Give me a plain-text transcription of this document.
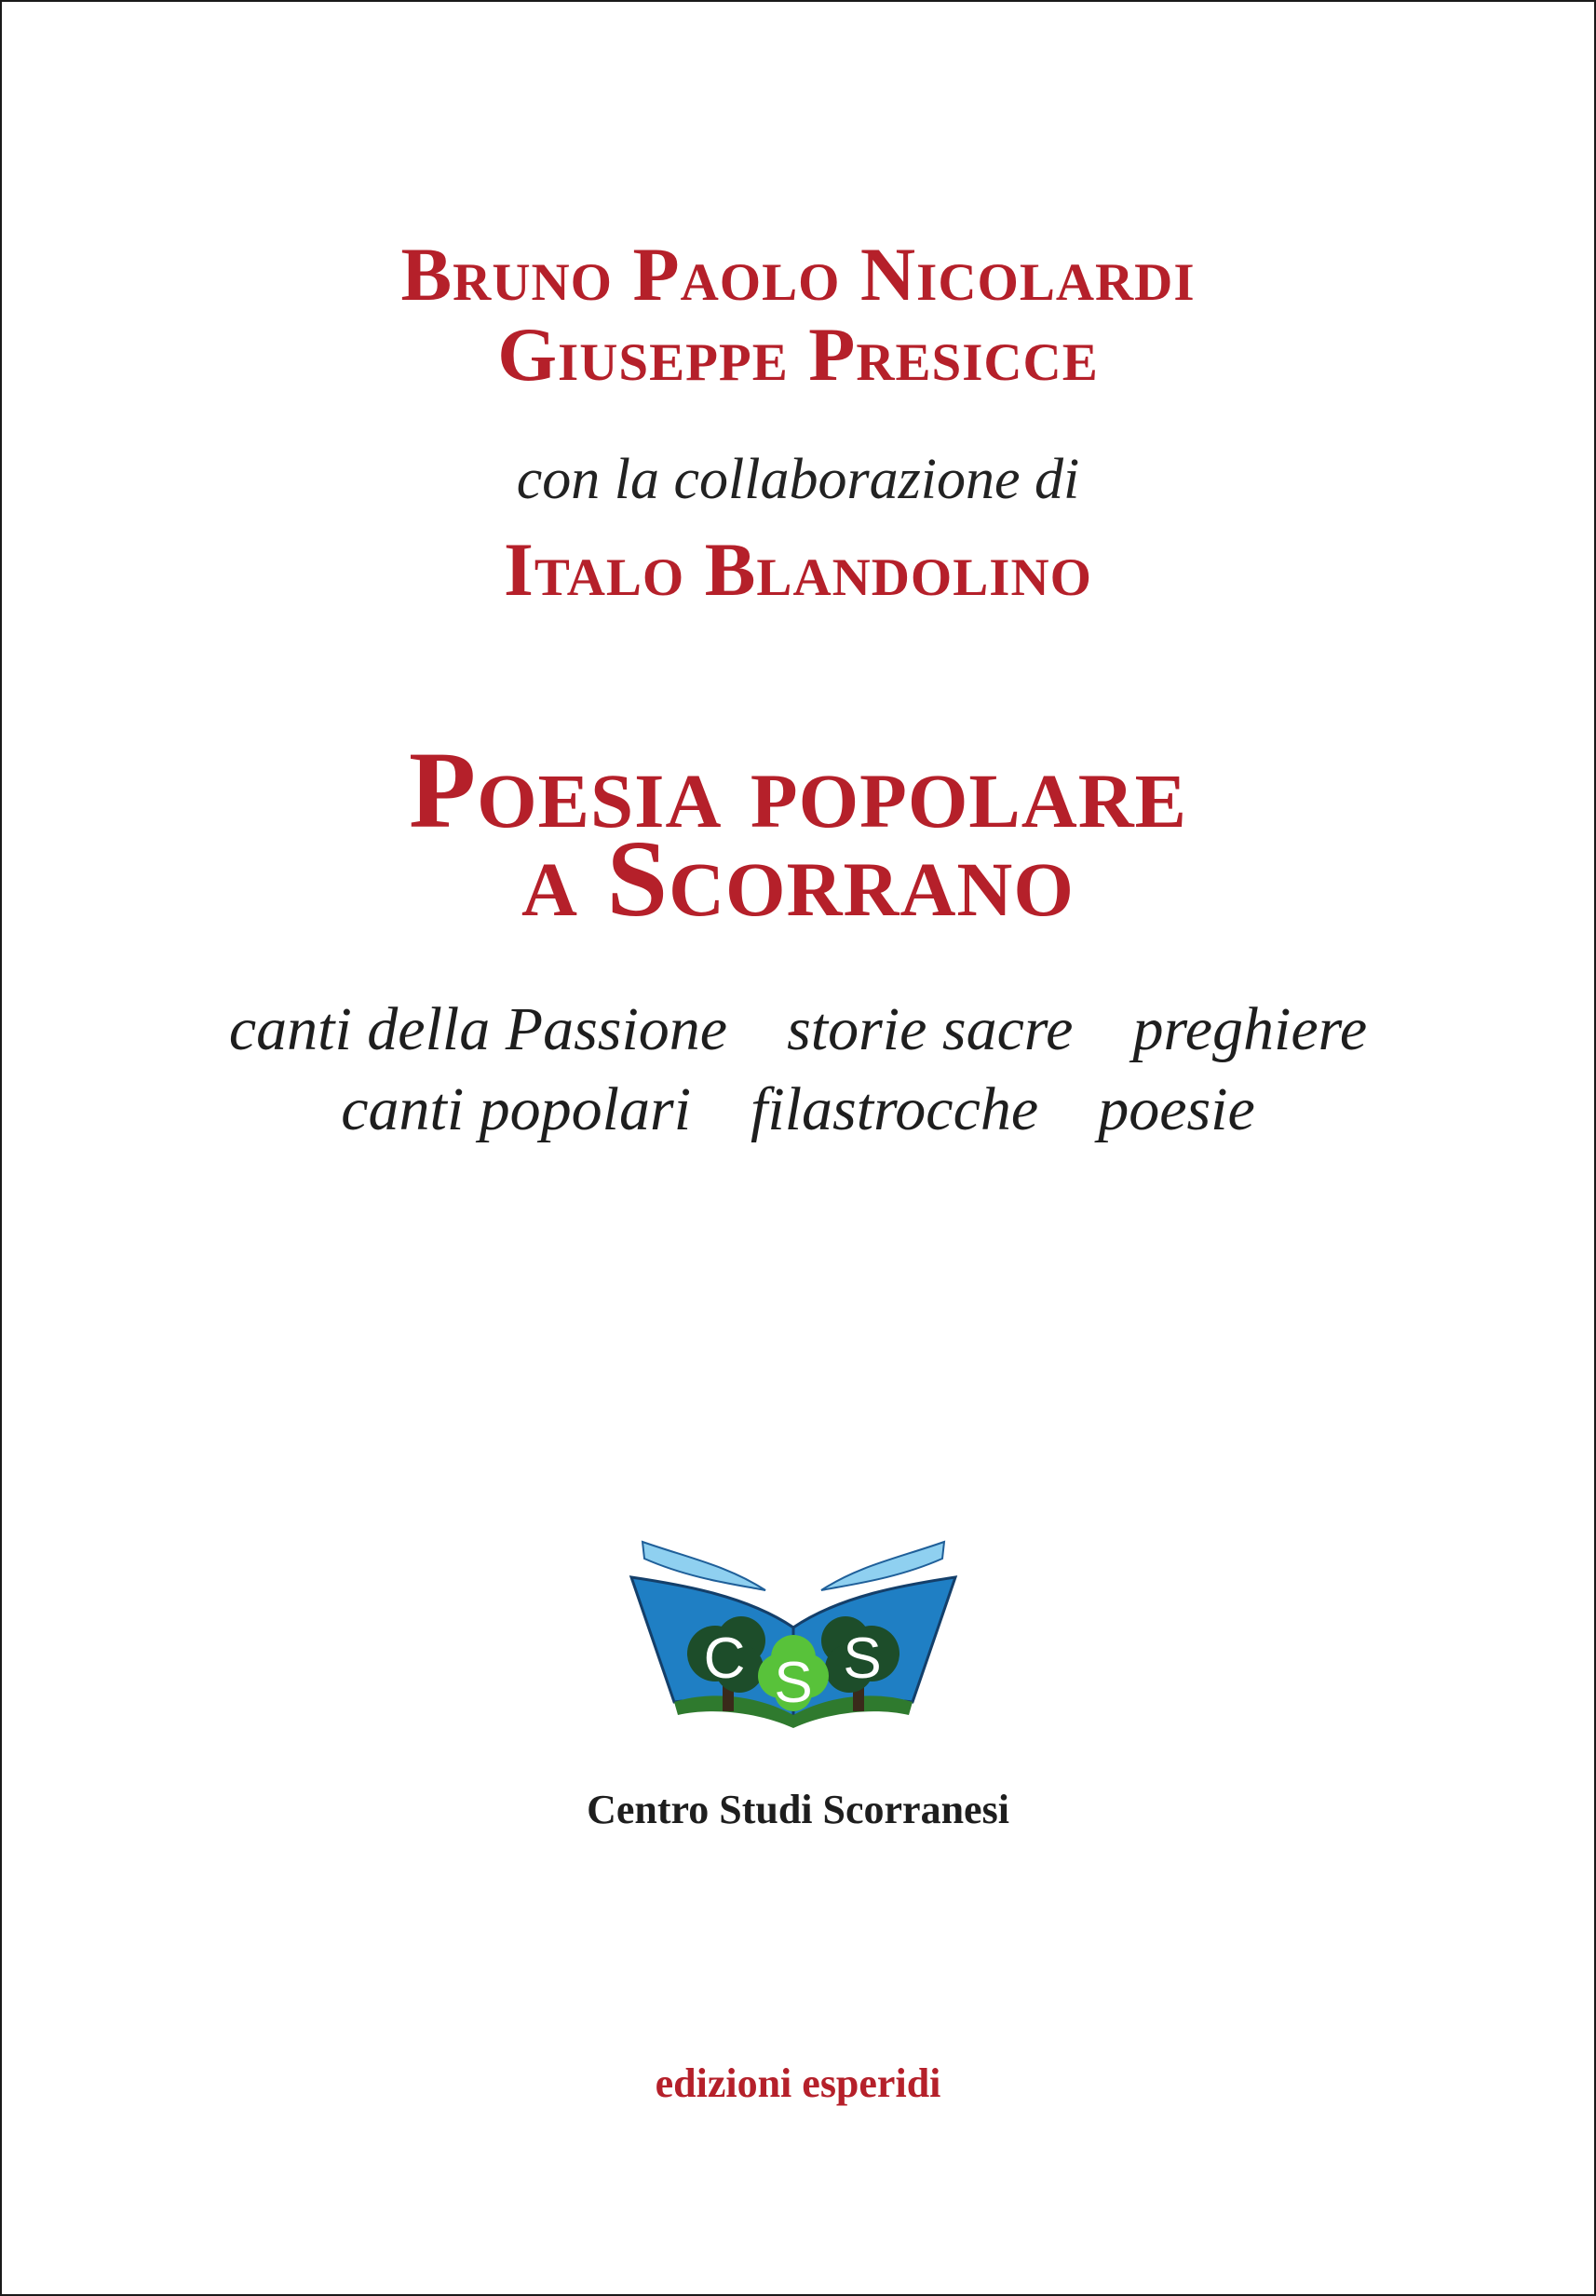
Bruno Paolo Nicolardi
Giuseppe Presicce
con la collaborazione di
Italo Blandolino
Poesia popolare
a Scorrano
canti della Passione storie sacre preghiere
canti popolari filastrocche poesie
C S S
Centro Studi Scorranesi
edizioni esperidi
